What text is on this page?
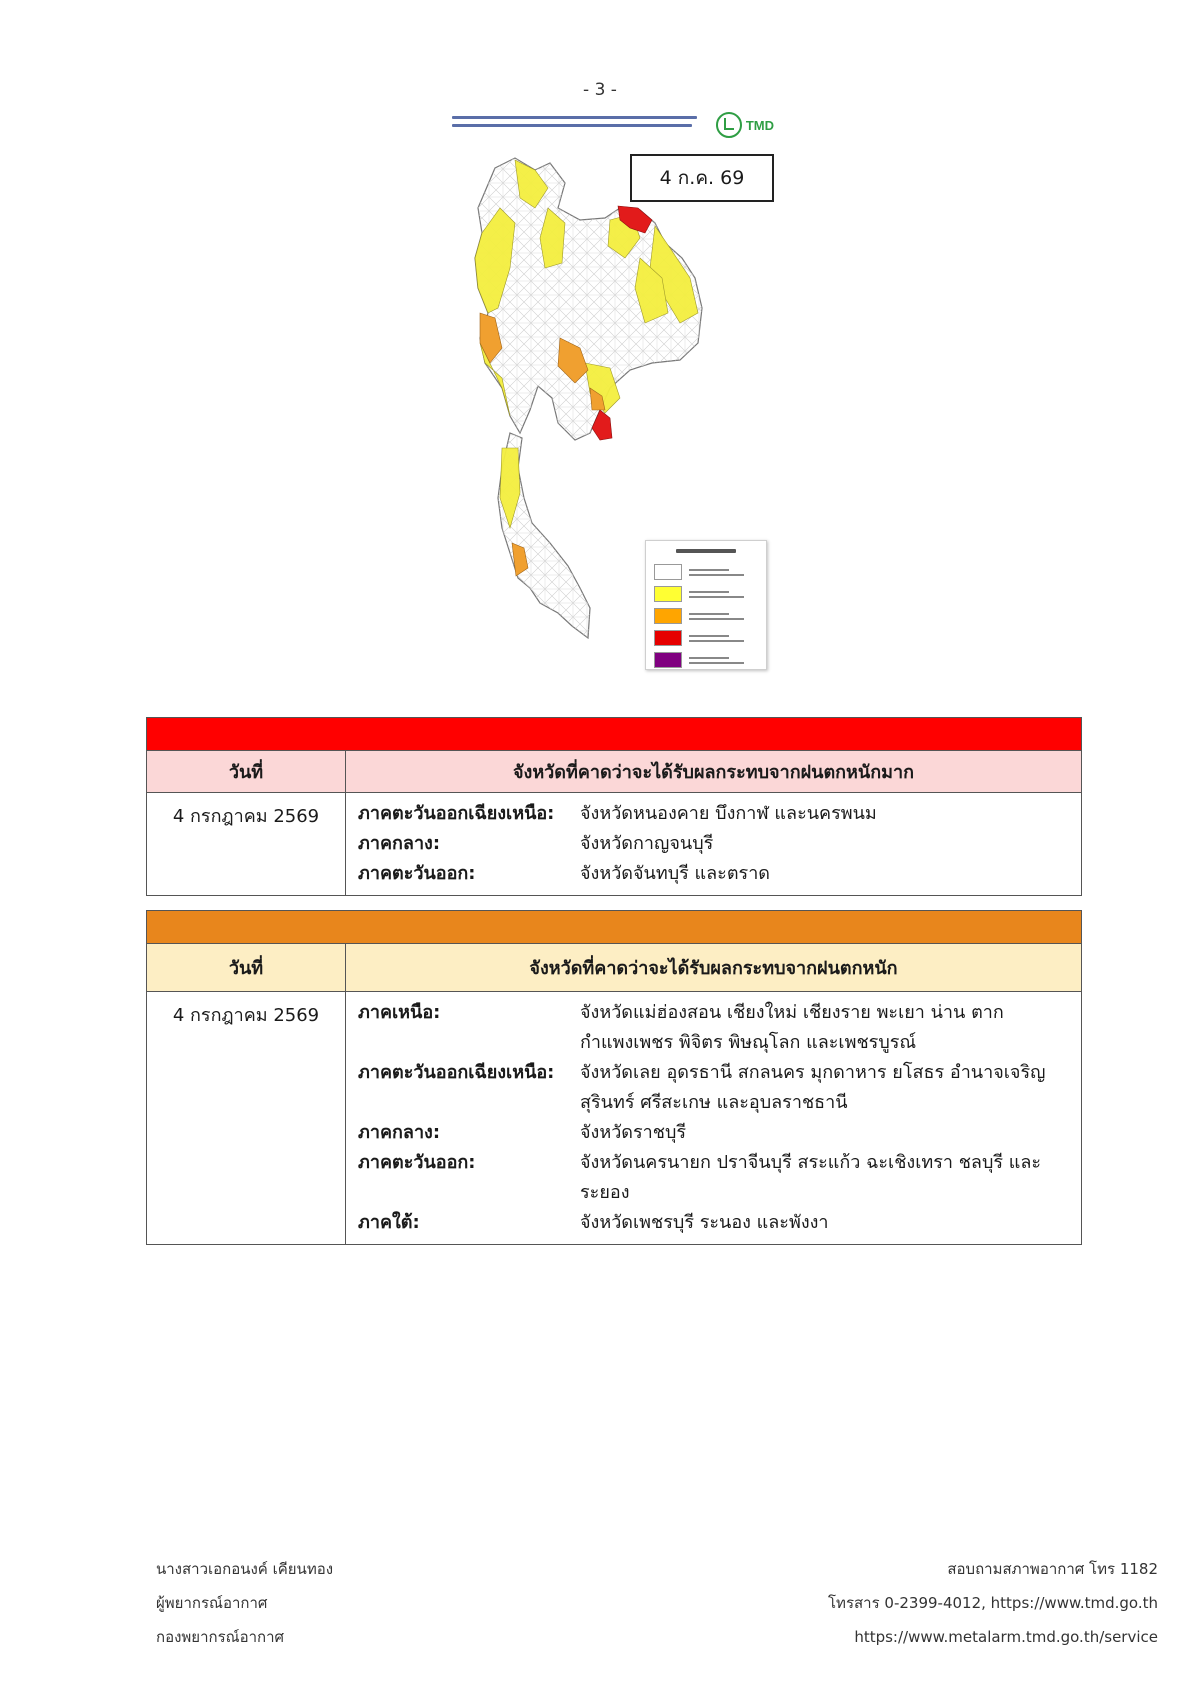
- 3 -
TMD
4 ก.ค. 69
วันที่	จังหวัดที่คาดว่าจะได้รับผลกระทบจากฝนตกหนักมาก
4 กรกฎาคม 2569	ภาคตะวันออกเฉียงเหนือ:	จังหวัดหนองคาย บึงกาฬ และนครพนม
ภาคกลาง:	จังหวัดกาญจนบุรี
ภาคตะวันออก:	จังหวัดจันทบุรี และตราด
วันที่	จังหวัดที่คาดว่าจะได้รับผลกระทบจากฝนตกหนัก
4 กรกฎาคม 2569	ภาคเหนือ:	จังหวัดแม่ฮ่องสอน เชียงใหม่ เชียงราย พะเยา น่าน ตาก กำแพงเพชร พิจิตร พิษณุโลก และเพชรบูรณ์
ภาคตะวันออกเฉียงเหนือ:	จังหวัดเลย อุดรธานี สกลนคร มุกดาหาร ยโสธร อำนาจเจริญ สุรินทร์ ศรีสะเกษ และอุบลราชธานี
ภาคกลาง:	จังหวัดราชบุรี
ภาคตะวันออก:	จังหวัดนครนายก ปราจีนบุรี สระแก้ว ฉะเชิงเทรา ชลบุรี และระยอง
ภาคใต้:	จังหวัดเพชรบุรี ระนอง และพังงา
นางสาวเอกอนงค์ เคียนทอง
ผู้พยากรณ์อากาศ
กองพยากรณ์อากาศ
สอบถามสภาพอากาศ โทร 1182
โทรสาร 0-2399-4012, https://www.tmd.go.th
https://www.metalarm.tmd.go.th/service
